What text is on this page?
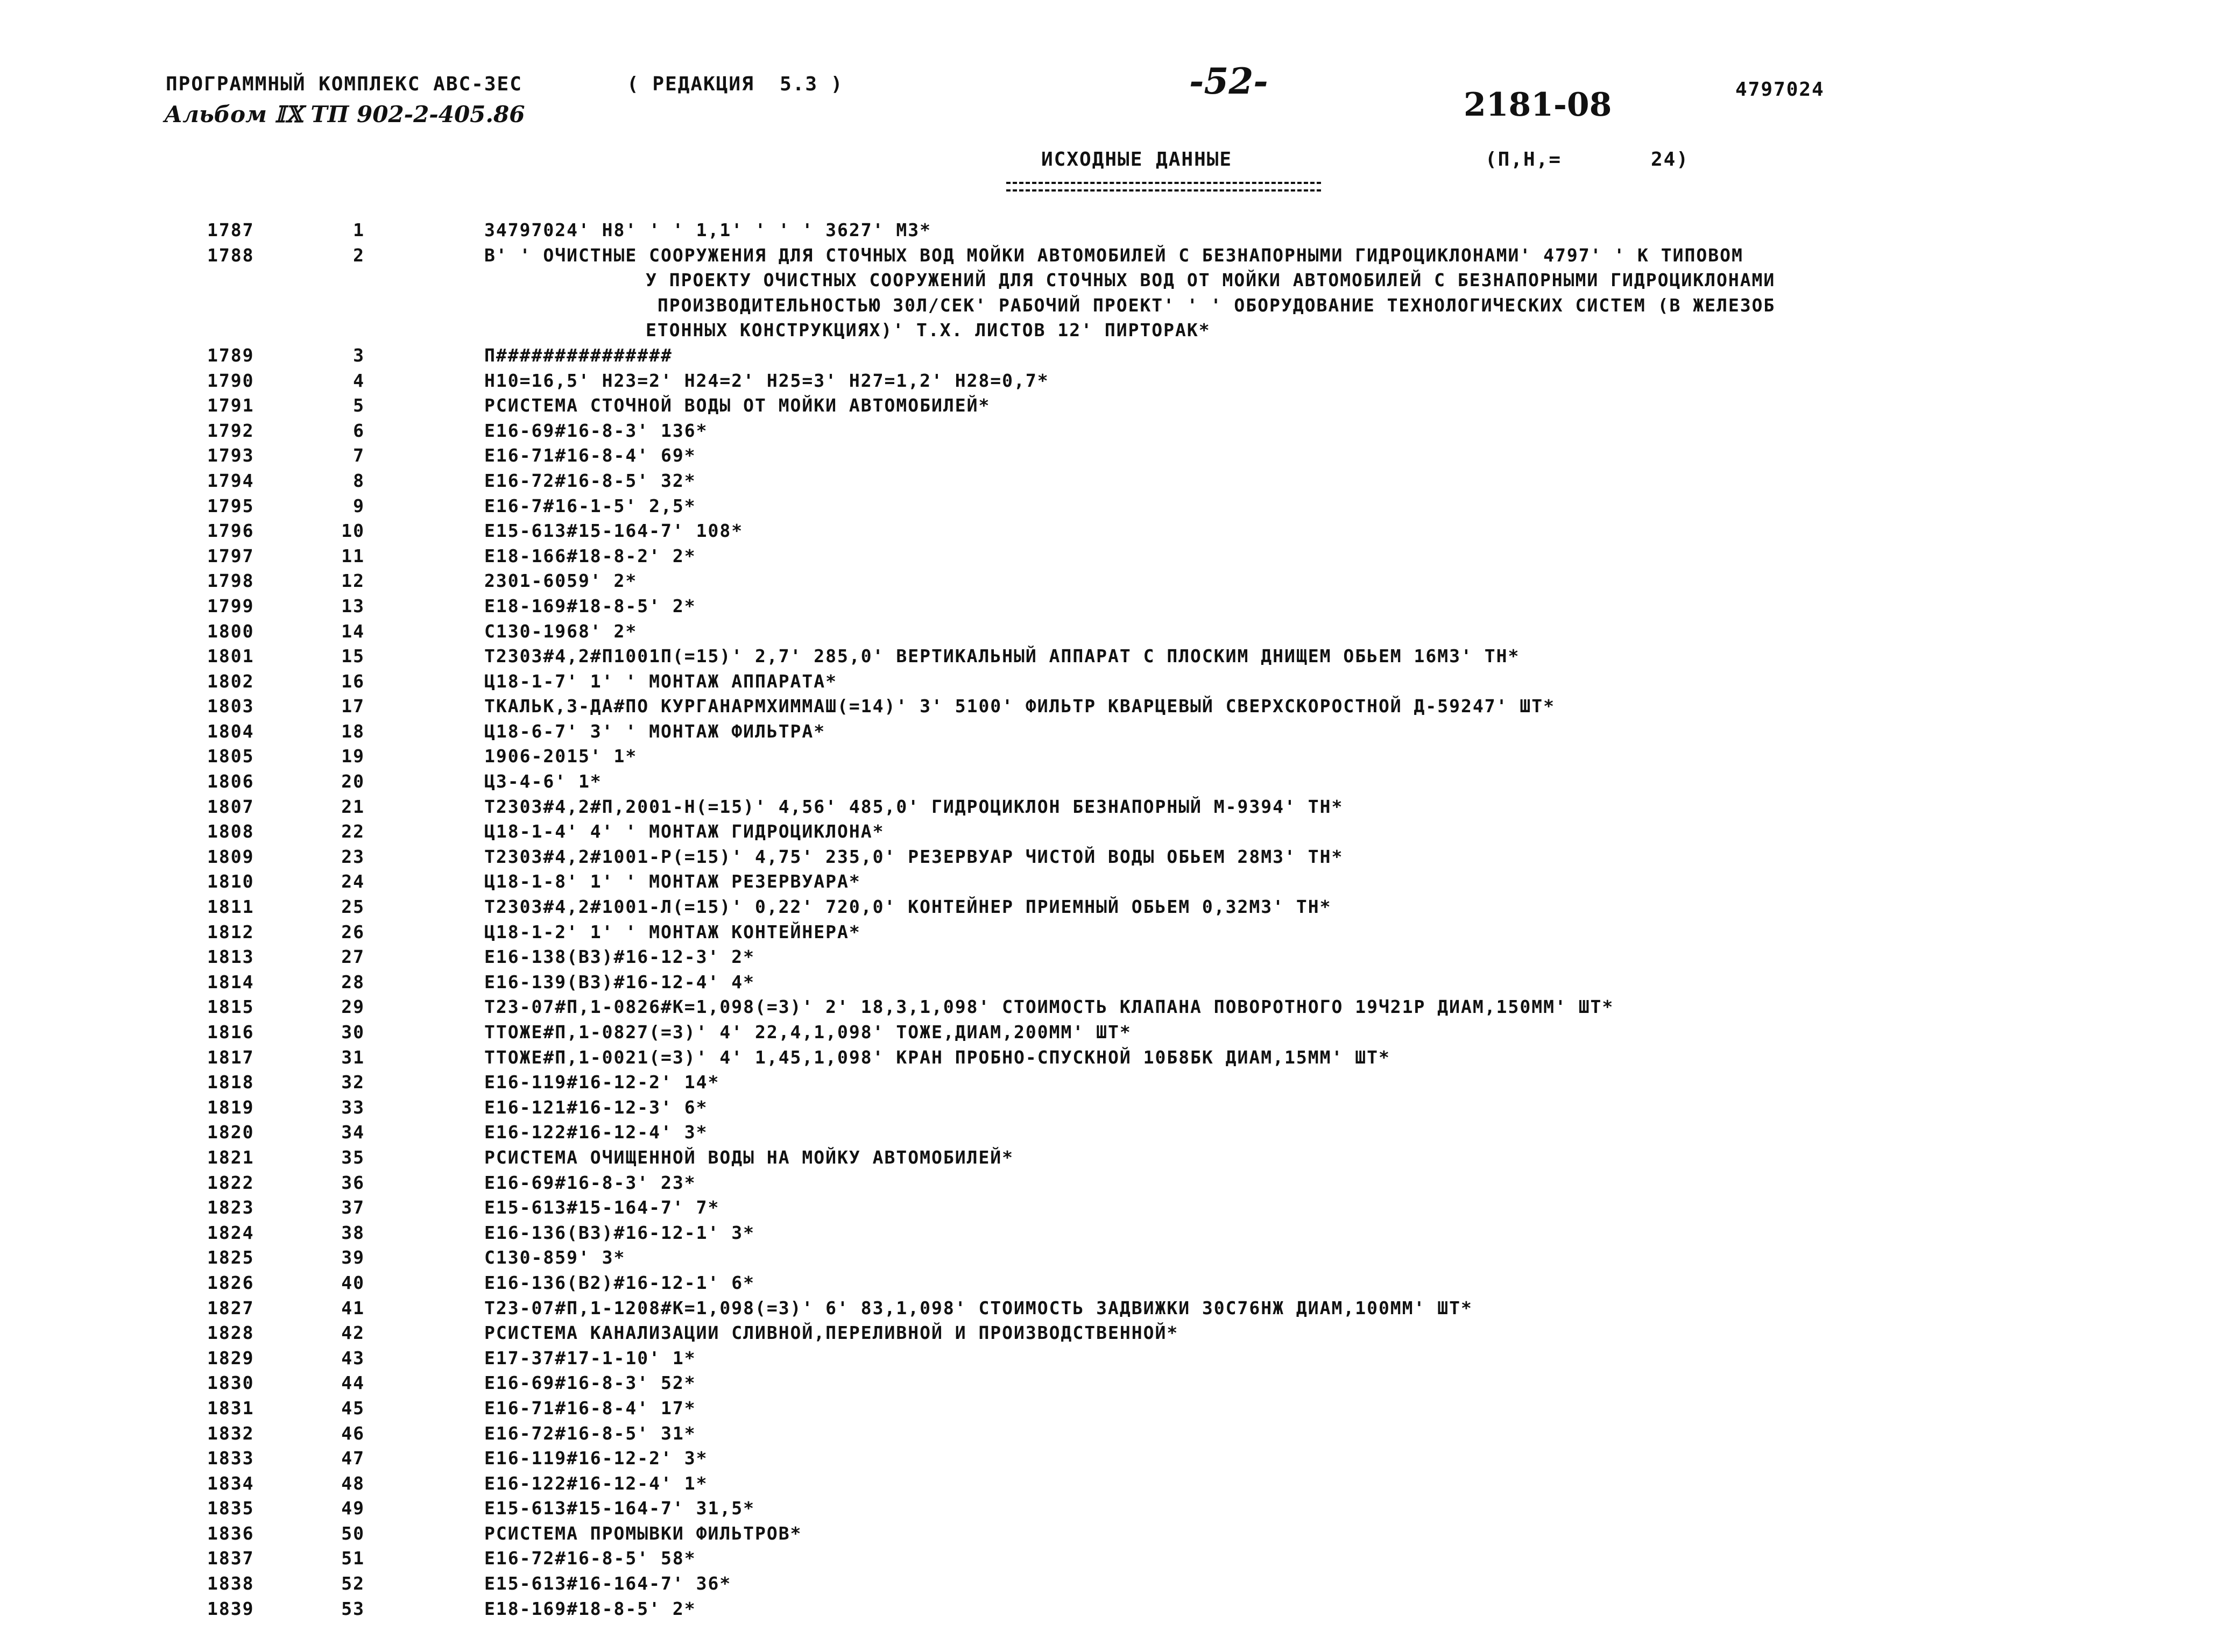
ПРОГРАММНЫЙ КОМПЛЕКС АВС-3ЕС	( РЕДАКЦИЯ  5.3 )	-52-
2181-08	4797024
Альбом 𝕀𝕏 ТП 902-2-405.86
ИСХОДНЫЕ ДАННЫЕ	(П,Н,=	24)
1787	1	34797024' Н8' ' ' 1,1' ' ' ' 3627' М3*
1788	2	В' ' ОЧИСТНЫЕ СООРУЖЕНИЯ ДЛЯ СТОЧНЫХ ВОД МОЙКИ АВТОМОБИЛЕЙ С БЕЗНАПОРНЫМИ ГИДРОЦИКЛОНАМИ' 4797' ' К ТИПОВОМ
У ПРОЕКТУ ОЧИСТНЫХ СООРУЖЕНИЙ ДЛЯ СТОЧНЫХ ВОД ОТ МОЙКИ АВТОМОБИЛЕЙ С БЕЗНАПОРНЫМИ ГИДРОЦИКЛОНАМИ
ПРОИЗВОДИТЕЛЬНОСТЬЮ 30Л/СЕК' РАБОЧИЙ ПРОЕКТ' ' ' ОБОРУДОВАНИЕ ТЕХНОЛОГИЧЕСКИХ СИСТЕМ (В ЖЕЛЕЗОБ
ЕТОННЫХ КОНСТРУКЦИЯХ)' Т.Х. ЛИСТОВ 12' ПИРТОРАК*
1789	3	П###############
1790	4	Н10=16,5' Н23=2' Н24=2' Н25=3' Н27=1,2' Н28=0,7*
1791	5	РСИСТЕМА СТОЧНОЙ ВОДЫ ОТ МОЙКИ АВТОМОБИЛЕЙ*
1792	6	Е16-69#16-8-3' 136*
1793	7	Е16-71#16-8-4' 69*
1794	8	Е16-72#16-8-5' 32*
1795	9	Е16-7#16-1-5' 2,5*
1796	10	Е15-613#15-164-7' 108*
1797	11	Е18-166#18-8-2' 2*
1798	12	2301-6059' 2*
1799	13	Е18-169#18-8-5' 2*
1800	14	С130-1968' 2*
1801	15	Т2303#4,2#П1001П(=15)' 2,7' 285,0' ВЕРТИКАЛЬНЫЙ АППАРАТ С ПЛОСКИМ ДНИЩЕМ ОБЬЕМ 16М3' ТН*
1802	16	Ц18-1-7' 1' ' МОНТАЖ АППАРАТА*
1803	17	ТКАЛЬК,3-ДА#ПО КУРГАНАРМХИММАШ(=14)' 3' 5100' ФИЛЬТР КВАРЦЕВЫЙ СВЕРХСКОРОСТНОЙ Д-59247' ШТ*
1804	18	Ц18-6-7' 3' ' МОНТАЖ ФИЛЬТРА*
1805	19	1906-2015' 1*
1806	20	Ц3-4-6' 1*
1807	21	Т2303#4,2#П,2001-Н(=15)' 4,56' 485,0' ГИДРОЦИКЛОН БЕЗНАПОРНЫЙ М-9394' ТН*
1808	22	Ц18-1-4' 4' ' МОНТАЖ ГИДРОЦИКЛОНА*
1809	23	Т2303#4,2#1001-Р(=15)' 4,75' 235,0' РЕЗЕРВУАР ЧИСТОЙ ВОДЫ ОБЬЕМ 28М3' ТН*
1810	24	Ц18-1-8' 1' ' МОНТАЖ РЕЗЕРВУАРА*
1811	25	Т2303#4,2#1001-Л(=15)' 0,22' 720,0' КОНТЕЙНЕР ПРИЕМНЫЙ ОБЬЕМ 0,32М3' ТН*
1812	26	Ц18-1-2' 1' ' МОНТАЖ КОНТЕЙНЕРА*
1813	27	Е16-138(В3)#16-12-3' 2*
1814	28	Е16-139(В3)#16-12-4' 4*
1815	29	Т23-07#П,1-0826#К=1,098(=3)' 2' 18,3,1,098' СТОИМОСТЬ КЛАПАНА ПОВОРОТНОГО 19Ч21Р ДИАМ,150ММ' ШТ*
1816	30	ТТОЖЕ#П,1-0827(=3)' 4' 22,4,1,098' ТОЖЕ,ДИАМ,200ММ' ШТ*
1817	31	ТТОЖЕ#П,1-0021(=3)' 4' 1,45,1,098' КРАН ПРОБНО-СПУСКНОЙ 10Б8БК ДИАМ,15ММ' ШТ*
1818	32	Е16-119#16-12-2' 14*
1819	33	Е16-121#16-12-3' 6*
1820	34	Е16-122#16-12-4' 3*
1821	35	РСИСТЕМА ОЧИЩЕННОЙ ВОДЫ НА МОЙКУ АВТОМОБИЛЕЙ*
1822	36	Е16-69#16-8-3' 23*
1823	37	Е15-613#15-164-7' 7*
1824	38	Е16-136(В3)#16-12-1' 3*
1825	39	С130-859' 3*
1826	40	Е16-136(В2)#16-12-1' 6*
1827	41	Т23-07#П,1-1208#К=1,098(=3)' 6' 83,1,098' СТОИМОСТЬ ЗАДВИЖКИ 30С76НЖ ДИАМ,100ММ' ШТ*
1828	42	РСИСТЕМА КАНАЛИЗАЦИИ СЛИВНОЙ,ПЕРЕЛИВНОЙ И ПРОИЗВОДСТВЕННОЙ*
1829	43	Е17-37#17-1-10' 1*
1830	44	Е16-69#16-8-3' 52*
1831	45	Е16-71#16-8-4' 17*
1832	46	Е16-72#16-8-5' 31*
1833	47	Е16-119#16-12-2' 3*
1834	48	Е16-122#16-12-4' 1*
1835	49	Е15-613#15-164-7' 31,5*
1836	50	РСИСТЕМА ПРОМЫВКИ ФИЛЬТРОВ*
1837	51	Е16-72#16-8-5' 58*
1838	52	Е15-613#16-164-7' 36*
1839	53	Е18-169#18-8-5' 2*
